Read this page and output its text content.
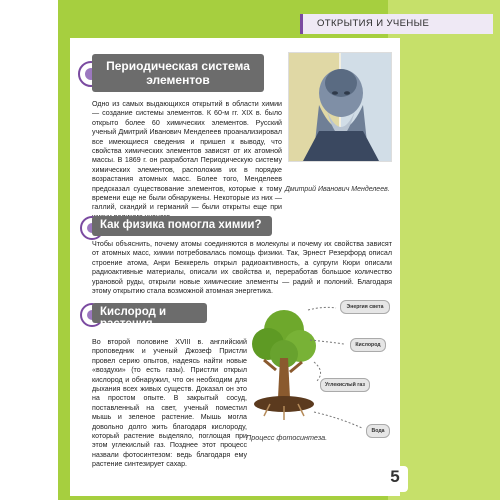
ОТКРЫТИЯ И УЧЕНЫЕ
Периодическая система
элементов
Одно из самых выдающихся открытий в области химии — создание системы элементов. К 60-м гг. XIX в. было открыто более 60 химических элементов. Русский ученый Дмитрий Иванович Менделеев проанализировал все имеющиеся сведения и пришел к выводу, что свойства химических элементов зависят от их атомной массы. В 1869 г. он разработал Периодическую систему химических элементов, расположив их в порядке возрастания атомных масс. Более того, Менделеев предсказал существование элементов, которые к тому времени еще не были обнаружены. Некоторые из них — галлий, скандий и германий — были открыты еще при
Дмитрий Иванович Менделеев.
Как физика помогла химии?
Чтобы объяснить, почему атомы соединяются в молекулы и почему их свойства зависят от атомных масс, химии потребовалась помощь физики. Так, Эрнест Резерфорд описал строение атома, Анри Беккерель открыл радиоактивность, а супруги Кюри описали радиоактивные материалы, описали их свойства и, переработав большое количество урановой руды, открыли новые химические элементы — радий и полоний. Благодаря этому открытию стала возможной атомная энергетика.
Кислород и растения
Во второй половине XVIII в. английский проповедник и ученый Джозеф Пристли провел серию опытов, надеясь найти новые «воздухи» (то есть газы). Пристли открыл кислород и обнаружил, что он необходим для дыхания всех живых существ. Доказал он это на простом опыте. В закрытый сосуд, поставленный на свет, ученый поместил мышь и зеленое растение. Мышь могла довольно долго жить благодаря кислороду, который растение выделяло, поглощая при этом углекислый газ. Позднее этот процесс назвали фотосинтезом: ведь благодаря ему растение синтезирует сахар.
Энергия света
Кислород
Углекислый газ
Вода
Процесс фотосинтеза.
5
